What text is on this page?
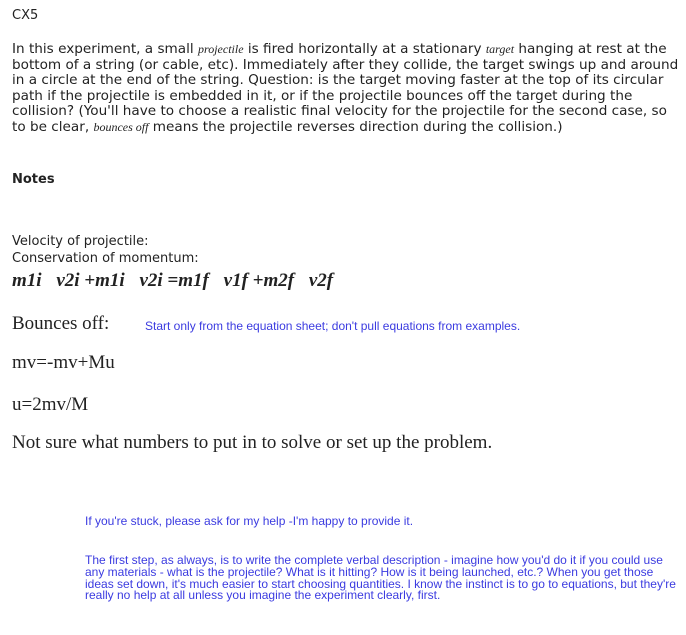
CX5
In this experiment, a small projectile is fired horizontally at a stationary target hanging at rest at the bottom of a string (or cable, etc). Immediately after they collide, the target swings up and around in a circle at the end of the string. Question: is the target moving faster at the top of its circular path if the projectile is embedded in it, or if the projectile bounces off the target during the collision? (You'll have to choose a realistic final velocity for the projectile for the second case, so to be clear, bounces off means the projectile reverses direction during the collision.)
Notes
Velocity of projectile:
Conservation of momentum:
m1i⃗v2i +m1i⃗v2i =m1f⃗v1f +m2f⃗v2f
Bounces off:	Start only from the equation sheet; don't pull equations from examples.
mv=-mv+Mu
u=2mv/M
Not sure what numbers to put in to solve or set up the problem.
If you're stuck, please ask for my help -I'm happy to provide it.
The first step, as always, is to write the complete verbal description - imagine how you'd do it if you could use any materials - what is the projectile? What is it hitting? How is it being launched, etc.? When you get those ideas set down, it's much easier to start choosing quantities. I know the instinct is to go to equations, but they're really no help at all unless you imagine the experiment clearly, first.
